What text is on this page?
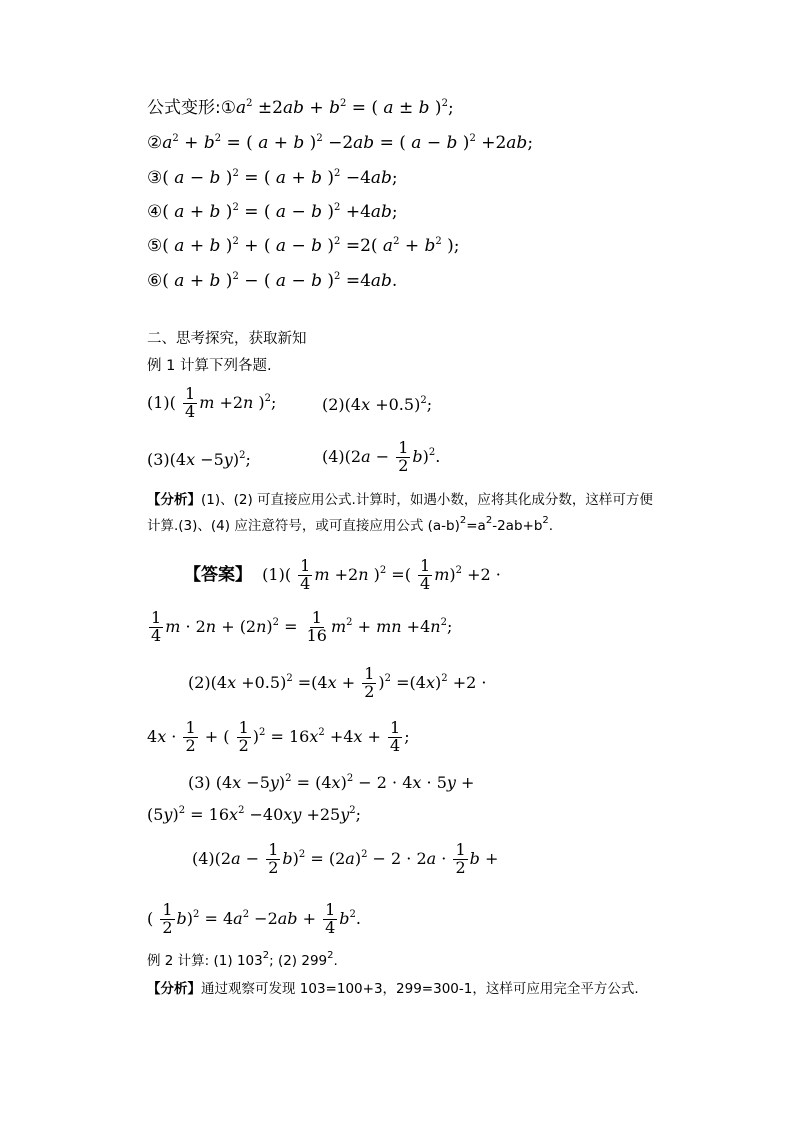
公式变形$:①a^2 \pm 2ab + b^2$ = ( a ± b )$^2$;
$②a^2 + b^2$ = ( a + b )$^2$ −2ab = ( a − b )$^2$ +2ab;
③( a − b )$^2$ = ( a + b )$^2$ −4ab;
④( a + b )$^2$ = ( a − b )$^2$ +4ab;
⑤( a + b )$^2$ + ( a − b )$^2$ =2( $a^2 + b^2$ );
⑥( a + b )$^2$ − ( a − b )$^2$ =4ab.
二、思考探究，获取新知
例 1 计算下列各题.
$(1)( \frac{1}{4}$ m +2n )$^2$;	$(2)(4x +0.5)^2$;
$(3)(4x -5y)^2$;	$(4)(2a - \frac{1}{2} b)^2$.
【分析】(1)、(2) 可直接应用公式.计算时，如遇小数，应将其化成分数，这样可方便
计算.(3)、(4) 应注意符号，或可直接应用公式 $(a-b)^2=a^2-2ab+b^2$.
【答案】  $(1)( \frac{1}{4}$ m +2n )$^2$ =( $\frac{1}{4} m)^2 +2$ ·
$\frac{1}{4}$ $m \cdot 2n + (2n)^2 = \frac{1}{16} m^2$ + mn $+4n^2$;
$(2)(4x +0.5)^2 =(4x + \frac{1}{2} )^2 =(4x)^2 +2$ ·
$4x \cdot \frac{1}{2}$ + ( $\frac{1}{2} )^2 = 16x^2 +4x + \frac{1}{4}$ ;
(3) $(4x -5y)^2 = (4x)^2 - 2 \cdot 4x \cdot 5y$ +
$(5y)^2 = 16x^2 -40xy +25y^2$;
$(4)(2a - \frac{1}{2} b)^2 = (2a)^2 - 2 \cdot 2a \cdot \frac{1}{2}$ b +
( $\frac{1}{2} b)^2 = 4a^2 -2ab + \frac{1}{4} b^2$.
例 2 计算: (1) $103^2$; (2) $299^2$.
【分析】通过观察可发现 103=100+3，299=300-1，这样可应用完全平方公式.
